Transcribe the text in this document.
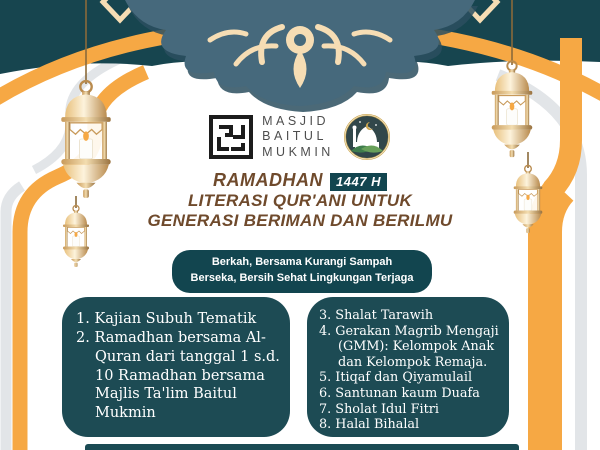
MASJID
BAITUL
MUKMIN
RAMADHAN 1447 H
LITERASI QUR'ANI UNTUK
GENERASI BERIMAN DAN BERILMU
Berkah, Bersama Kurangi Sampah
Berseka, Bersih Sehat Lingkungan Terjaga
1. Kajian Subuh Tematik
2. Ramadhan bersama Al-Quran dari tanggal 1 s.d. 10 Ramadhan bersama Majlis Ta'lim Baitul Mukmin
3. Shalat Tarawih
4. Gerakan Magrib Mengaji (GMM): Kelompok Anak dan Kelompok Remaja.
5. Itiqaf dan Qiyamulail
6. Santunan kaum Duafa
7. Sholat Idul Fitri
8. Halal Bihalal
